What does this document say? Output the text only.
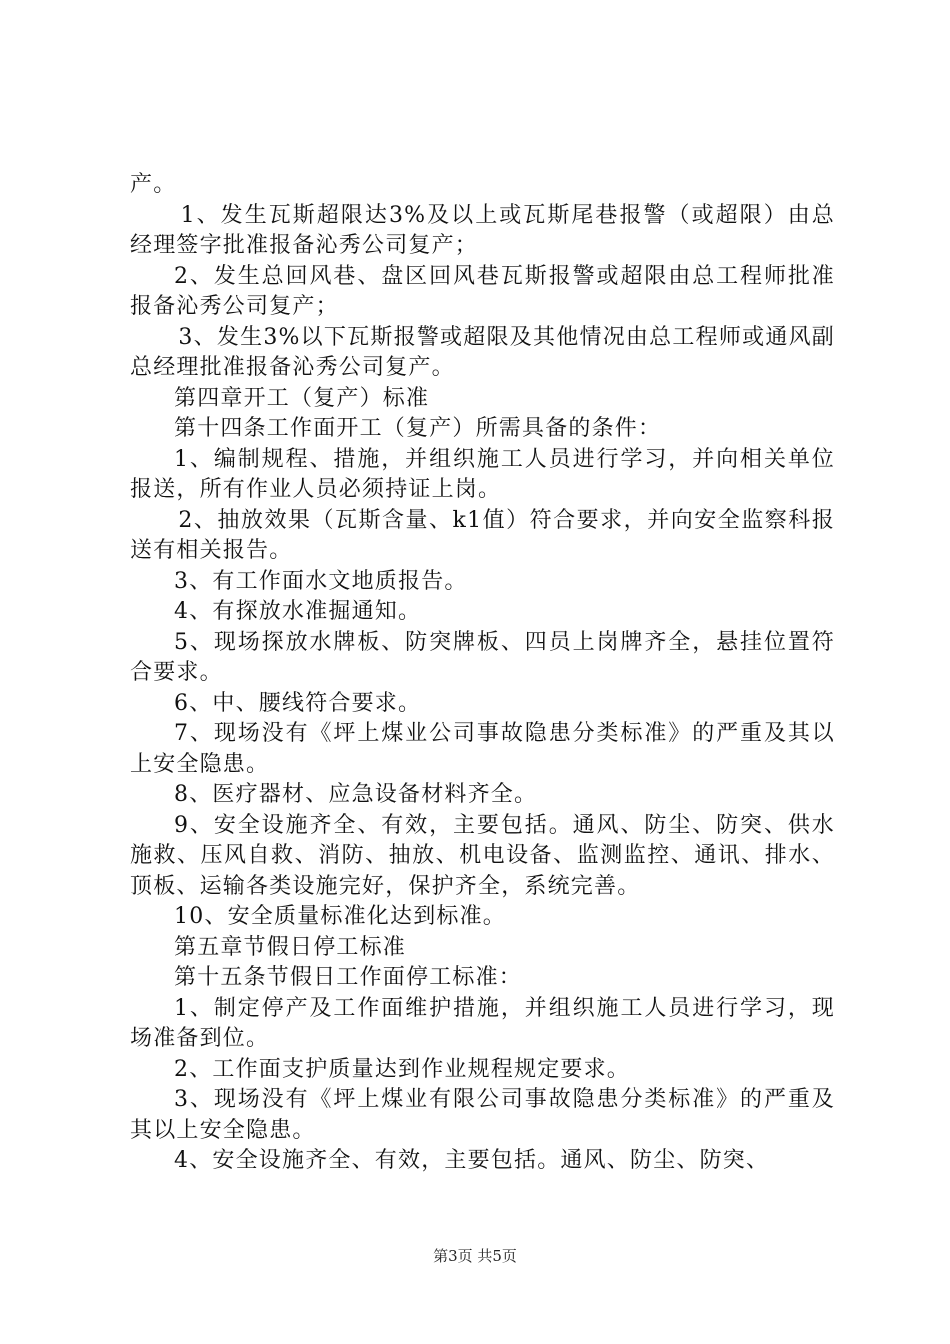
产。

1、发生瓦斯超限达3%及以上或瓦斯尾巷报警（或超限）由总经理签字批准报备沁秀公司复产；

2、发生总回风巷、盘区回风巷瓦斯报警或超限由总工程师批准报备沁秀公司复产；

3、发生3%以下瓦斯报警或超限及其他情况由总工程师或通风副总经理批准报备沁秀公司复产。

第四章开工（复产）标准

第十四条工作面开工（复产）所需具备的条件：

1、编制规程、措施，并组织施工人员进行学习，并向相关单位报送，所有作业人员必须持证上岗。

2、抽放效果（瓦斯含量、k1值）符合要求，并向安全监察科报送有相关报告。

3、有工作面水文地质报告。

4、有探放水准掘通知。

5、现场探放水牌板、防突牌板、四员上岗牌齐全，悬挂位置符合要求。

6、中、腰线符合要求。

7、现场没有《坪上煤业公司事故隐患分类标准》的严重及其以上安全隐患。

8、医疗器材、应急设备材料齐全。

9、安全设施齐全、有效，主要包括。通风、防尘、防突、供水施救、压风自救、消防、抽放、机电设备、监测监控、通讯、排水、顶板、运输各类设施完好，保护齐全，系统完善。

10、安全质量标准化达到标准。

第五章节假日停工标准

第十五条节假日工作面停工标准：

1、制定停产及工作面维护措施，并组织施工人员进行学习，现场准备到位。

2、工作面支护质量达到作业规程规定要求。

3、现场没有《坪上煤业有限公司事故隐患分类标准》的严重及其以上安全隐患。

4、安全设施齐全、有效，主要包括。通风、防尘、防突、

第3页 共5页
